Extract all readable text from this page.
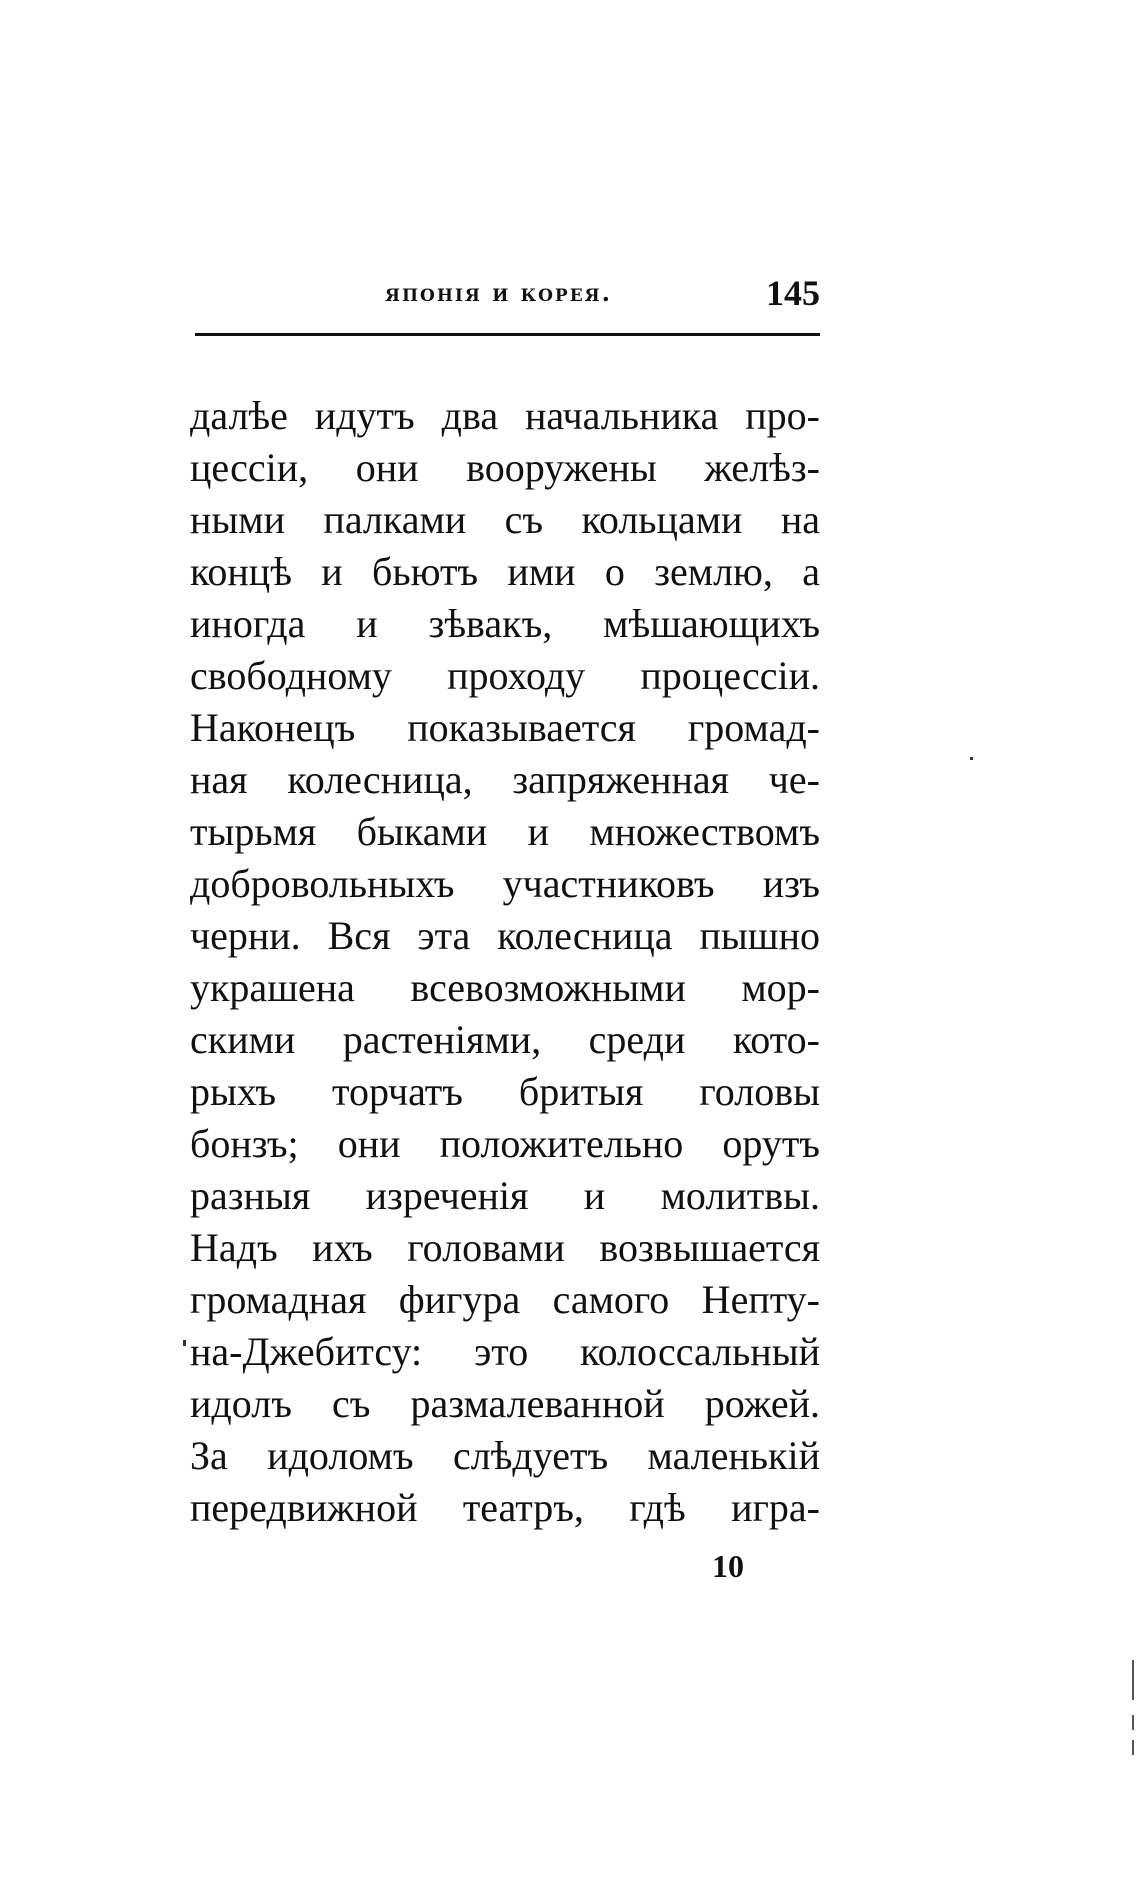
японія и корея.	145
далѣе идутъ два начальника про-
цессіи, они вооружены желѣз-
ными палками съ кольцами на
концѣ и бьютъ ими о землю, а
иногда и зѣвакъ, мѣшающихъ
свободному проходу процессіи.
Наконецъ показывается громад-
ная колесница, запряженная че-
тырьмя быками и множествомъ
добровольныхъ участниковъ изъ
черни. Вся эта колесница пышно
украшена всевозможными мор-
скими растеніями, среди кото-
рыхъ торчатъ бритыя головы
бонзъ; они положительно орутъ
разныя изреченія и молитвы.
Надъ ихъ головами возвышается
громадная фигура самого Непту-
на-Джебитсу: это колоссальный
идолъ съ размалеванной рожей.
За идоломъ слѣдуетъ маленькій
передвижной театръ, гдѣ игра-
10
